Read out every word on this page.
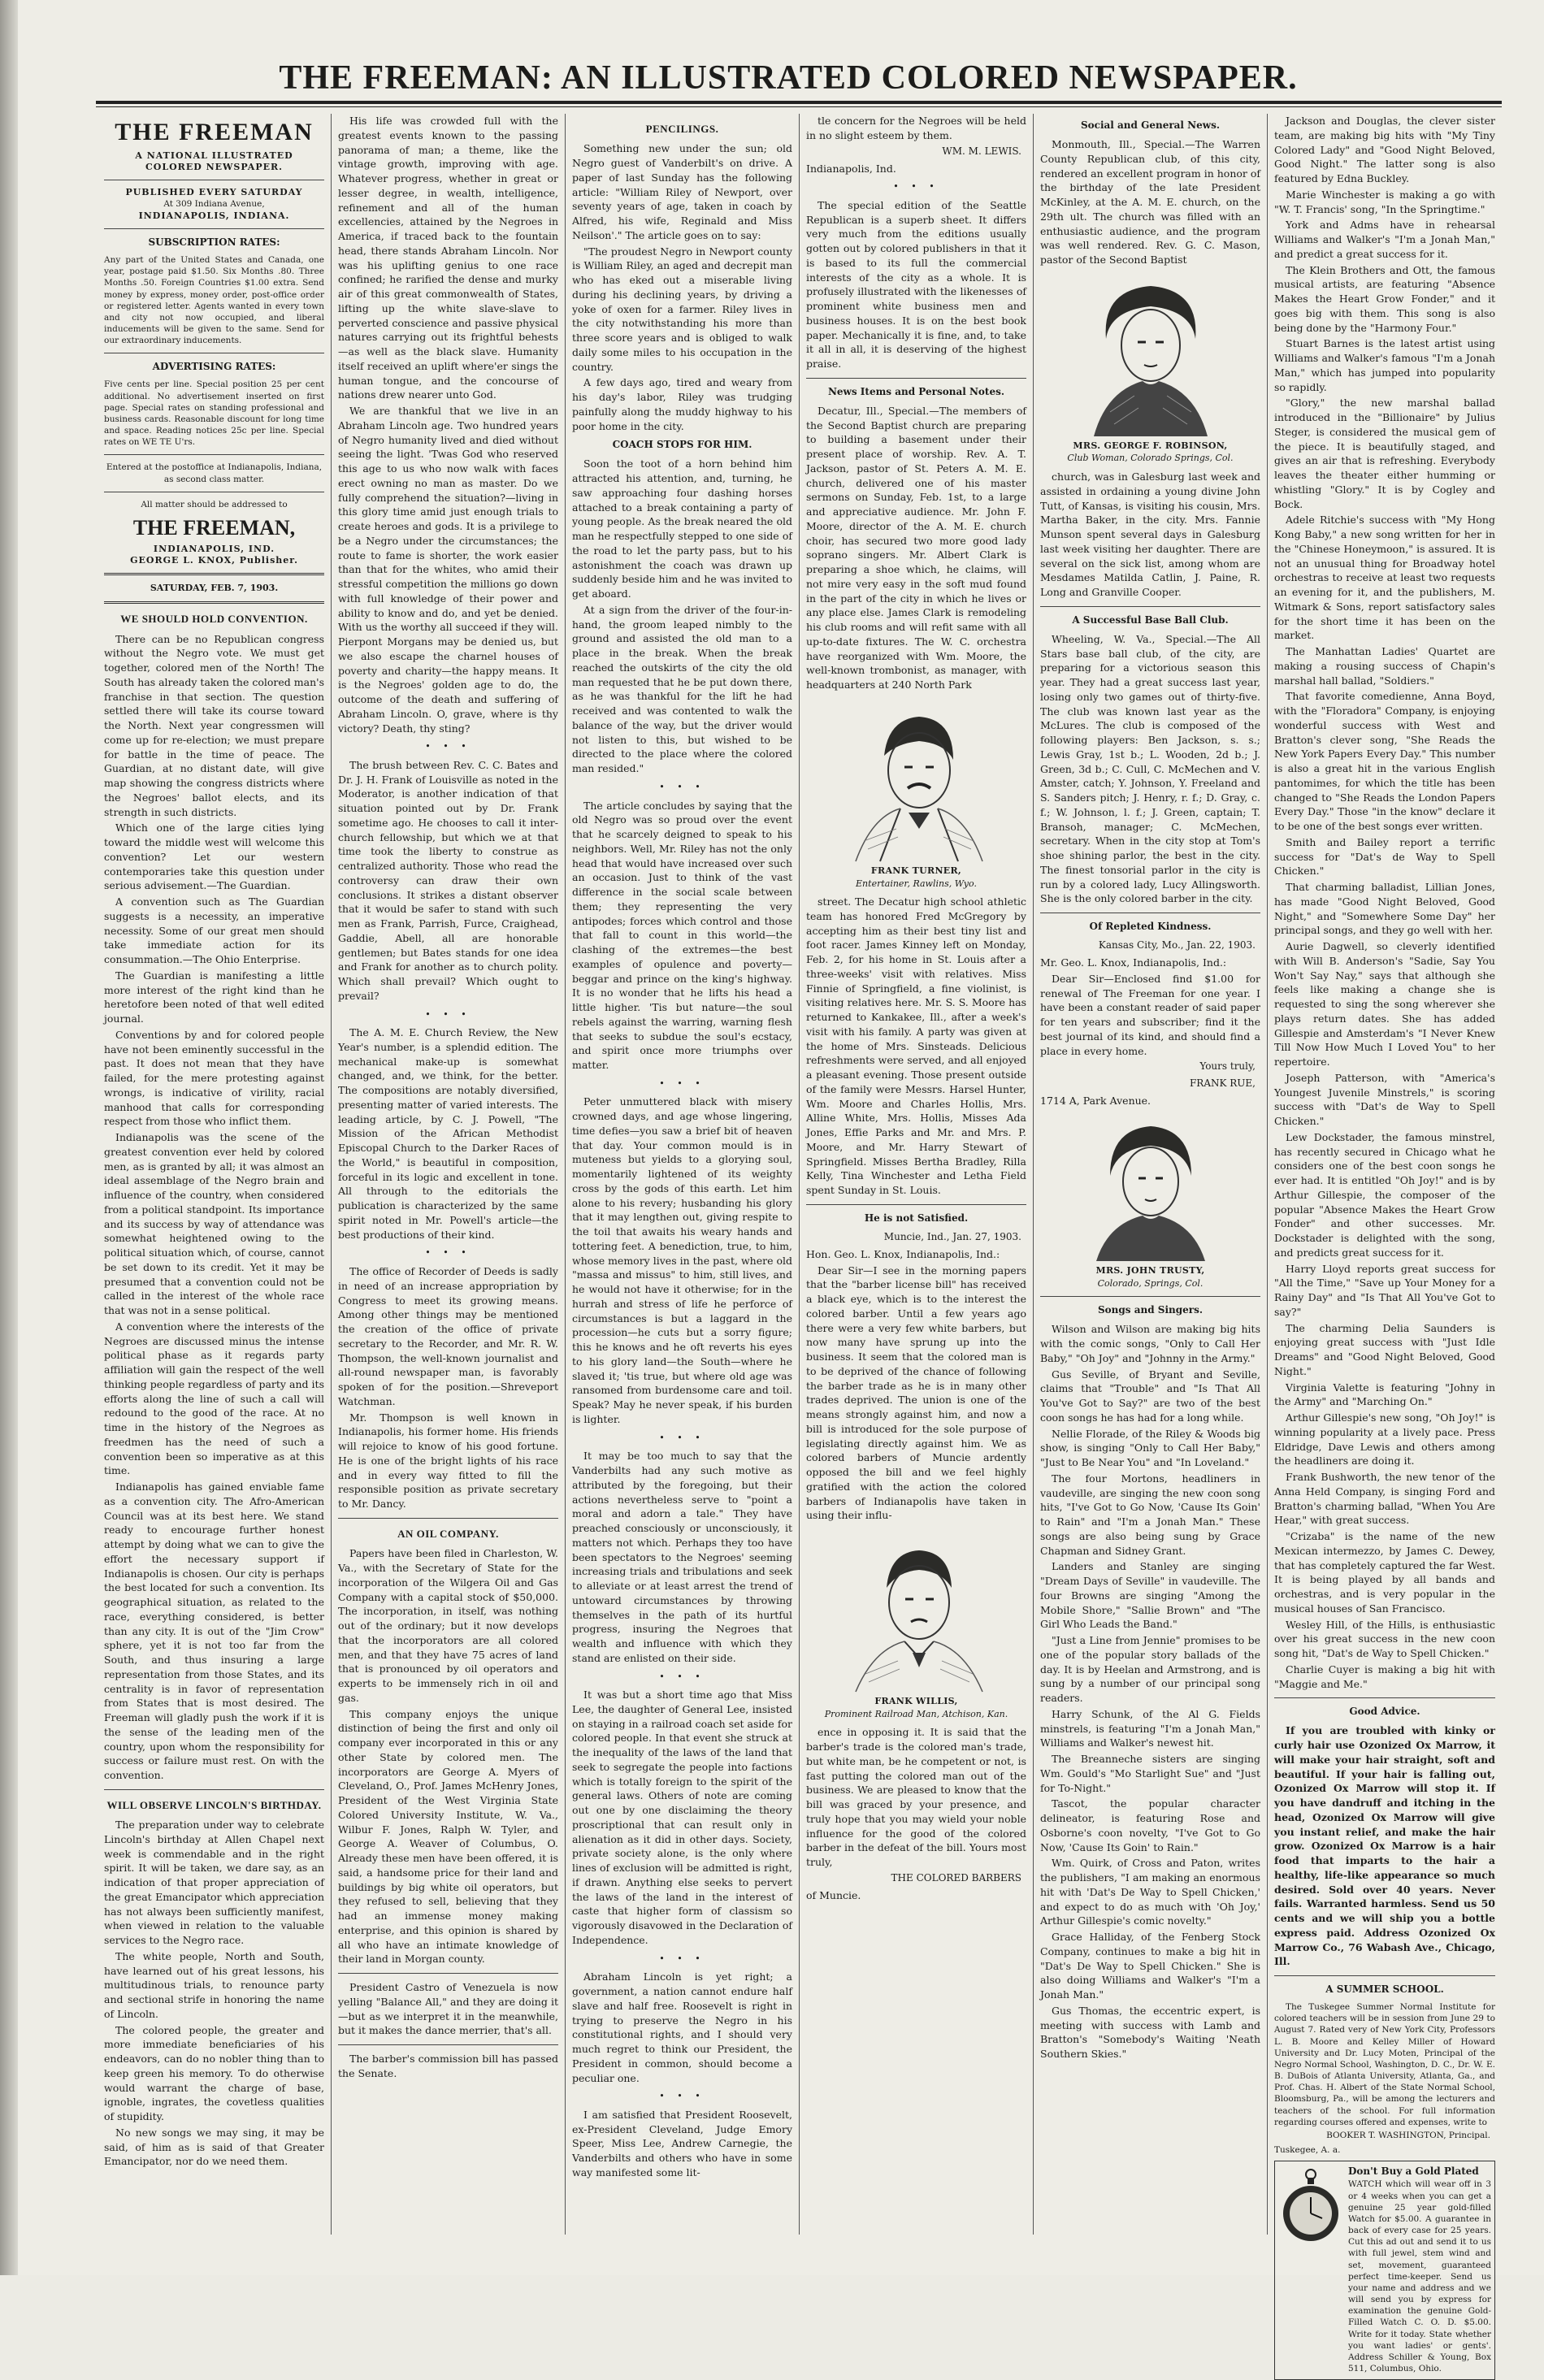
THE FREEMAN: AN ILLUSTRATED COLORED NEWSPAPER.
THE FREEMAN
A NATIONAL ILLUSTRATED
COLORED NEWSPAPER.
PUBLISHED EVERY SATURDAY
At 309 Indiana Avenue,
INDIANAPOLIS, INDIANA.
SUBSCRIPTION RATES:

Any part of the United States and Canada, one year, postage paid $1.50. Six Months .80. Three Months .50. Foreign Countries $1.00 extra. Send money by express, money order, post-office order or registered letter. Agents wanted in every town and city not now occupied, and liberal inducements will be given to the same. Send for our extraordinary inducements.

ADVERTISING RATES:

Five cents per line. Special position 25 per cent additional. No advertisement inserted on first page. Special rates on standing professional and business cards. Reasonable discount for long time and space. Reading notices 25c per line. Special rates on WE TE U'rs.

Entered at the postoffice at Indianapolis, Indiana, as second class matter.

All matter should be addressed to
THE FREEMAN,
INDIANAPOLIS, IND.
GEORGE L. KNOX, Publisher.
SATURDAY, FEB. 7, 1903.
WE SHOULD HOLD CONVENTION.

There can be no Republican congress without the Negro vote. We must get together, colored men of the North! The South has already taken the colored man's franchise in that section. The question settled there will take its course toward the North. Next year congressmen will come up for re-election; we must prepare for battle in the time of peace. The Guardian, at no distant date, will give map showing the congress districts where the Negroes' ballot elects, and its strength in such districts.

Which one of the large cities lying toward the middle west will welcome this convention? Let our western contemporaries take this question under serious advisement.—The Guardian.

A convention such as The Guardian suggests is a necessity, an imperative necessity. Some of our great men should take immediate action for its consummation.—The Ohio Enterprise.

The Guardian is manifesting a little more interest of the right kind than he heretofore been noted of that well edited journal.

Conventions by and for colored people have not been eminently successful in the past. It does not mean that they have failed, for the mere protesting against wrongs, is indicative of virility, racial manhood that calls for corresponding respect from those who inflict them.

Indianapolis was the scene of the greatest convention ever held by colored men, as is granted by all; it was almost an ideal assemblage of the Negro brain and influence of the country, when considered from a political standpoint. Its importance and its success by way of attendance was somewhat heightened owing to the political situation which, of course, cannot be set down to its credit. Yet it may be presumed that a convention could not be called in the interest of the whole race that was not in a sense political.

A convention where the interests of the Negroes are discussed minus the intense political phase as it regards party affiliation will gain the respect of the well thinking people regardless of party and its efforts along the line of such a call will redound to the good of the race. At no time in the history of the Negroes as freedmen has the need of such a convention been so imperative as at this time.

Indianapolis has gained enviable fame as a convention city. The Afro-American Council was at its best here. We stand ready to encourage further honest attempt by doing what we can to give the effort the necessary support if Indianapolis is chosen. Our city is perhaps the best located for such a convention. Its geographical situation, as related to the race, everything considered, is better than any city. It is out of the "Jim Crow" sphere, yet it is not too far from the South, and thus insuring a large representation from those States, and its centrality is in favor of representation from States that is most desired. The Freeman will gladly push the work if it is the sense of the leading men of the country, upon whom the responsibility for success or failure must rest. On with the convention.

WILL OBSERVE LINCOLN'S BIRTHDAY.

The preparation under way to celebrate Lincoln's birthday at Allen Chapel next week is commendable and in the right spirit. It will be taken, we dare say, as an indication of that proper appreciation of the great Emancipator which appreciation has not always been sufficiently manifest, when viewed in relation to the valuable services to the Negro race.

The white people, North and South, have learned out of his great lessons, his multitudinous trials, to renounce party and sectional strife in honoring the name of Lincoln.

The colored people, the greater and more immediate beneficiaries of his endeavors, can do no nobler thing than to keep green his memory. To do otherwise would warrant the charge of base, ignoble, ingrates, the covetless qualities of stupidity.

No new songs we may sing, it may be said, of him as is said of that Greater Emancipator, nor do we need them.

His life was crowded full with the greatest events known to the passing panorama of man; a theme, like the vintage growth, improving with age. Whatever progress, whether in great or lesser degree, in wealth, intelligence, refinement and all of the human excellencies, attained by the Negroes in America, if traced back to the fountain head, there stands Abraham Lincoln. Nor was his uplifting genius to one race confined; he rarified the dense and murky air of this great commonwealth of States, lifting up the white slave-slave to perverted conscience and passive physical natures carrying out its frightful behests—as well as the black slave. Humanity itself received an uplift where'er sings the human tongue, and the concourse of nations drew nearer unto God.

We are thankful that we live in an Abraham Lincoln age. Two hundred years of Negro humanity lived and died without seeing the light. 'Twas God who reserved this age to us who now walk with faces erect owning no man as master. Do we fully comprehend the situation?—living in this glory time amid just enough trials to create heroes and gods. It is a privilege to be a Negro under the circumstances; the route to fame is shorter, the work easier than that for the whites, who amid their stressful competition the millions go down with full knowledge of their power and ability to know and do, and yet be denied. With us the worthy all succeed if they will. Pierpont Morgans may be denied us, but we also escape the charnel houses of poverty and charity—the happy means. It is the Negroes' golden age to do, the outcome of the death and suffering of Abraham Lincoln. O, grave, where is thy victory? Death, thy sting?

• • •

The brush between Rev. C. C. Bates and Dr. J. H. Frank of Louisville as noted in the Moderator, is another indication of that situation pointed out by Dr. Frank sometime ago. He chooses to call it inter-church fellowship, but which we at that time took the liberty to construe as centralized authority. Those who read the controversy can draw their own conclusions. It strikes a distant observer that it would be safer to stand with such men as Frank, Parrish, Furce, Craighead, Gaddie, Abell, all are honorable gentlemen; but Bates stands for one idea and Frank for another as to church polity. Which shall prevail? Which ought to prevail?

• • •

The A. M. E. Church Review, the New Year's number, is a splendid edition. The mechanical make-up is somewhat changed, and, we think, for the better. The compositions are notably diversified, presenting matter of varied interests. The leading article, by C. J. Powell, "The Mission of the African Methodist Episcopal Church to the Darker Races of the World," is beautiful in composition, forceful in its logic and excellent in tone. All through to the editorials the publication is characterized by the same spirit noted in Mr. Powell's article—the best productions of their kind.

• • •

The office of Recorder of Deeds is sadly in need of an increase appropriation by Congress to meet its growing means. Among other things may be mentioned the creation of the office of private secretary to the Recorder, and Mr. R. W. Thompson, the well-known journalist and all-round newspaper man, is favorably spoken of for the position.—Shreveport Watchman.

Mr. Thompson is well known in Indianapolis, his former home. His friends will rejoice to know of his good fortune. He is one of the bright lights of his race and in every way fitted to fill the responsible position as private secretary to Mr. Dancy.

AN OIL COMPANY.

Papers have been filed in Charleston, W. Va., with the Secretary of State for the incorporation of the Wilgera Oil and Gas Company with a capital stock of $50,000. The incorporation, in itself, was nothing out of the ordinary; but it now develops that the incorporators are all colored men, and that they have 75 acres of land that is pronounced by oil operators and experts to be immensely rich in oil and gas.

This company enjoys the unique distinction of being the first and only oil company ever incorporated in this or any other State by colored men. The incorporators are George A. Myers of Cleveland, O., Prof. James McHenry Jones, President of the West Virginia State Colored University Institute, W. Va., Wilbur F. Jones, Ralph W. Tyler, and George A. Weaver of Columbus, O. Already these men have been offered, it is said, a handsome price for their land and buildings by big white oil operators, but they refused to sell, believing that they had an immense money making enterprise, and this opinion is shared by all who have an intimate knowledge of their land in Morgan county.

President Castro of Venezuela is now yelling "Balance All," and they are doing it—but as we interpret it in the meanwhile, but it makes the dance merrier, that's all.

The barber's commission bill has passed the Senate.

PENCILINGS.

Something new under the sun; old Negro guest of Vanderbilt's on drive. A paper of last Sunday has the following article: "William Riley of Newport, over seventy years of age, taken in coach by Alfred, his wife, Reginald and Miss Neilson'." The article goes on to say:

"The proudest Negro in Newport county is William Riley, an aged and decrepit man who has eked out a miserable living during his declining years, by driving a yoke of oxen for a farmer. Riley lives in the city notwithstanding his more than three score years and is obliged to walk daily some miles to his occupation in the country.

A few days ago, tired and weary from his day's labor, Riley was trudging painfully along the muddy highway to his poor home in the city.

COACH STOPS FOR HIM.

Soon the toot of a horn behind him attracted his attention, and, turning, he saw approaching four dashing horses attached to a break containing a party of young people. As the break neared the old man he respectfully stepped to one side of the road to let the party pass, but to his astonishment the coach was drawn up suddenly beside him and he was invited to get aboard.

At a sign from the driver of the four-in-hand, the groom leaped nimbly to the ground and assisted the old man to a place in the break. When the break reached the outskirts of the city the old man requested that he be put down there, as he was thankful for the lift he had received and was contented to walk the balance of the way, but the driver would not listen to this, but wished to be directed to the place where the colored man resided."

• • •

The article concludes by saying that the old Negro was so proud over the event that he scarcely deigned to speak to his neighbors. Well, Mr. Riley has not the only head that would have increased over such an occasion. Just to think of the vast difference in the social scale between them; they representing the very antipodes; forces which control and those that fall to count in this world—the clashing of the extremes—the best examples of opulence and poverty—beggar and prince on the king's highway. It is no wonder that he lifts his head a little higher. 'Tis but nature—the soul rebels against the warring, warning flesh that seeks to subdue the soul's ecstacy, and spirit once more triumphs over matter.

• • •

Peter unmuttered black with misery crowned days, and age whose lingering, time defies—you saw a brief bit of heaven that day. Your common mould is in muteness but yields to a glorying soul, momentarily lightened of its weighty cross by the gods of this earth. Let him alone to his revery; husbanding his glory that it may lengthen out, giving respite to the toil that awaits his weary hands and tottering feet. A benediction, true, to him, whose memory lives in the past, where old "massa and missus" to him, still lives, and he would not have it otherwise; for in the hurrah and stress of life he perforce of circumstances is but a laggard in the procession—he cuts but a sorry figure; this he knows and he oft reverts his eyes to his glory land—the South—where he slaved it; 'tis true, but where old age was ransomed from burdensome care and toil. Speak? May he never speak, if his burden is lighter.

• • •

It may be too much to say that the Vanderbilts had any such motive as attributed by the foregoing, but their actions nevertheless serve to "point a moral and adorn a tale." They have preached consciously or unconsciously, it matters not which. Perhaps they too have been spectators to the Negroes' seeming increasing trials and tribulations and seek to alleviate or at least arrest the trend of untoward circumstances by throwing themselves in the path of its hurtful progress, insuring the Negroes that wealth and influence with which they stand are enlisted on their side.

• • •

It was but a short time ago that Miss Lee, the daughter of General Lee, insisted on staying in a railroad coach set aside for colored people. In that event she struck at the inequality of the laws of the land that seek to segregate the people into factions which is totally foreign to the spirit of the general laws. Others of note are coming out one by one disclaiming the theory proscriptional that can result only in alienation as it did in other days. Society, private society alone, is the only where lines of exclusion will be admitted is right, if drawn. Anything else seeks to pervert the laws of the land in the interest of caste that higher form of classism so vigorously disavowed in the Declaration of Independence.

• • •

Abraham Lincoln is yet right; a government, a nation cannot endure half slave and half free. Roosevelt is right in trying to preserve the Negro in his constitutional rights, and I should very much regret to think our President, the President in common, should become a peculiar one.

• • •

I am satisfied that President Roosevelt, ex-President Cleveland, Judge Emory Speer, Miss Lee, Andrew Carnegie, the Vanderbilts and others who have in some way manifested some lit-

tle concern for the Negroes will be held in no slight esteem by them.

WM. M. LEWIS.

Indianapolis, Ind.

• • •

The special edition of the Seattle Republican is a superb sheet. It differs very much from the editions usually gotten out by colored publishers in that it is based to its full the commercial interests of the city as a whole. It is profusely illustrated with the likenesses of prominent white business men and business houses. It is on the best book paper. Mechanically it is fine, and, to take it all in all, it is deserving of the highest praise.

News Items and Personal Notes.

Decatur, Ill., Special.—The members of the Second Baptist church are preparing to building a basement under their present place of worship. Rev. A. T. Jackson, pastor of St. Peters A. M. E. church, delivered one of his master sermons on Sunday, Feb. 1st, to a large and appreciative audience. Mr. John F. Moore, director of the A. M. E. church choir, has secured two more good lady soprano singers. Mr. Albert Clark is preparing a shoe which, he claims, will not mire very easy in the soft mud found in the part of the city in which he lives or any place else. James Clark is remodeling his club rooms and will refit same with all up-to-date fixtures. The W. C. orchestra have reorganized with Wm. Moore, the well-known trombonist, as manager, with headquarters at 240 North Park

FRANK TURNER,
Entertainer, Rawlins, Wyo.

street. The Decatur high school athletic team has honored Fred McGregory by accepting him as their best tiny list and foot racer. James Kinney left on Monday, Feb. 2, for his home in St. Louis after a three-weeks' visit with relatives. Miss Finnie of Springfield, a fine violinist, is visiting relatives here. Mr. S. S. Moore has returned to Kankakee, Ill., after a week's visit with his family. A party was given at the home of Mrs. Sinsteads. Delicious refreshments were served, and all enjoyed a pleasant evening. Those present outside of the family were Messrs. Harsel Hunter, Wm. Moore and Charles Hollis, Mrs. Alline White, Mrs. Hollis, Misses Ada Jones, Effie Parks and Mr. and Mrs. P. Moore, and Mr. Harry Stewart of Springfield. Misses Bertha Bradley, Rilla Kelly, Tina Winchester and Letha Field spent Sunday in St. Louis.

He is not Satisfied.
Muncie, Ind., Jan. 27, 1903.

Hon. Geo. L. Knox, Indianapolis, Ind.:

Dear Sir—I see in the morning papers that the "barber license bill" has received a black eye, which is to the interest the colored barber. Until a few years ago there were a very few white barbers, but now many have sprung up into the business. It seem that the colored man is to be deprived of the chance of following the barber trade as he is in many other trades deprived. The union is one of the means strongly against him, and now a bill is introduced for the sole purpose of legislating directly against him. We as colored barbers of Muncie ardently opposed the bill and we feel highly gratified with the action the colored barbers of Indianapolis have taken in using their influ-

FRANK WILLIS,
Prominent Railroad Man, Atchison, Kan.

ence in opposing it. It is said that the barber's trade is the colored man's trade, but white man, be he competent or not, is fast putting the colored man out of the business. We are pleased to know that the bill was graced by your presence, and truly hope that you may wield your noble influence for the good of the colored barber in the defeat of the bill. Yours most truly,

THE COLORED BARBERS

of Muncie.

Social and General News.

Monmouth, Ill., Special.—The Warren County Republican club, of this city, rendered an excellent program in honor of the birthday of the late President McKinley, at the A. M. E. church, on the 29th ult. The church was filled with an enthusiastic audience, and the program was well rendered. Rev. G. C. Mason, pastor of the Second Baptist

MRS. GEORGE F. ROBINSON,
Club Woman, Colorado Springs, Col.

church, was in Galesburg last week and assisted in ordaining a young divine John Tutt, of Kansas, is visiting his cousin, Mrs. Martha Baker, in the city. Mrs. Fannie Munson spent several days in Galesburg last week visiting her daughter. There are several on the sick list, among whom are Mesdames Matilda Catlin, J. Paine, R. Long and Granville Cooper.

A Successful Base Ball Club.

Wheeling, W. Va., Special.—The All Stars base ball club, of the city, are preparing for a victorious season this year. They had a great success last year, losing only two games out of thirty-five. The club was known last year as the McLures. The club is composed of the following players: Ben Jackson, s. s.; Lewis Gray, 1st b.; L. Wooden, 2d b.; J. Green, 3d b.; C. Cull, C. McMechen and V. Amster, catch; Y. Johnson, Y. Freeland and S. Sanders pitch; J. Henry, r. f.; D. Gray, c. f.; W. Johnson, l. f.; J. Green, captain; T. Bransoh, manager; C. McMechen, secretary. When in the city stop at Tom's shoe shining parlor, the best in the city. The finest tonsorial parlor in the city is run by a colored lady, Lucy Allingsworth. She is the only colored barber in the city.

Of Repleted Kindness.
Kansas City, Mo., Jan. 22, 1903.

Mr. Geo. L. Knox, Indianapolis, Ind.:

Dear Sir—Enclosed find $1.00 for renewal of The Freeman for one year. I have been a constant reader of said paper for ten years and subscriber; find it the best journal of its kind, and should find a place in every home.

Yours truly,
FRANK RUE,

1714 A, Park Avenue.

MRS. JOHN TRUSTY,
Colorado, Springs, Col.
Songs and Singers.

Wilson and Wilson are making big hits with the comic songs, "Only to Call Her Baby," "Oh Joy" and "Johnny in the Army."

Gus Seville, of Bryant and Seville, claims that "Trouble" and "Is That All You've Got to Say?" are two of the best coon songs he has had for a long while.

Nellie Florade, of the Riley & Woods big show, is singing "Only to Call Her Baby," "Just to Be Near You" and "In Loveland."

The four Mortons, headliners in vaudeville, are singing the new coon song hits, "I've Got to Go Now, 'Cause Its Goin' to Rain" and "I'm a Jonah Man." These songs are also being sung by Grace Chapman and Sidney Grant.

Landers and Stanley are singing "Dream Days of Seville" in vaudeville. The four Browns are singing "Among the Mobile Shore," "Sallie Brown" and "The Girl Who Leads the Band."

"Just a Line from Jennie" promises to be one of the popular story ballads of the day. It is by Heelan and Armstrong, and is sung by a number of our principal song readers.

Harry Schunk, of the Al G. Fields minstrels, is featuring "I'm a Jonah Man," Williams and Walker's newest hit.

The Breanneche sisters are singing Wm. Gould's "Mo Starlight Sue" and "Just for To-Night."

Tascot, the popular character delineator, is featuring Rose and Osborne's coon novelty, "I've Got to Go Now, 'Cause Its Goin' to Rain."

Wm. Quirk, of Cross and Paton, writes the publishers, "I am making an enormous hit with 'Dat's De Way to Spell Chicken,' and expect to do as much with 'Oh Joy,' Arthur Gillespie's comic novelty."

Grace Halliday, of the Fenberg Stock Company, continues to make a big hit in "Dat's De Way to Spell Chicken." She is also doing Williams and Walker's "I'm a Jonah Man."

Gus Thomas, the eccentric expert, is meeting with success with Lamb and Bratton's "Somebody's Waiting 'Neath Southern Skies."

Jackson and Douglas, the clever sister team, are making big hits with "My Tiny Colored Lady" and "Good Night Beloved, Good Night." The latter song is also featured by Edna Buckley.

Marie Winchester is making a go with "W. T. Francis' song, "In the Springtime."

York and Adms have in rehearsal Williams and Walker's "I'm a Jonah Man," and predict a great success for it.

The Klein Brothers and Ott, the famous musical artists, are featuring "Absence Makes the Heart Grow Fonder," and it goes big with them. This song is also being done by the "Harmony Four."

Stuart Barnes is the latest artist using Williams and Walker's famous "I'm a Jonah Man," which has jumped into popularity so rapidly.

"Glory," the new marshal ballad introduced in the "Billionaire" by Julius Steger, is considered the musical gem of the piece. It is beautifully staged, and gives an air that is refreshing. Everybody leaves the theater either humming or whistling "Glory." It is by Cogley and Bock.

Adele Ritchie's success with "My Hong Kong Baby," a new song written for her in the "Chinese Honeymoon," is assured. It is not an unusual thing for Broadway hotel orchestras to receive at least two requests an evening for it, and the publishers, M. Witmark & Sons, report satisfactory sales for the short time it has been on the market.

The Manhattan Ladies' Quartet are making a rousing success of Chapin's marshal hall ballad, "Soldiers."

That favorite comedienne, Anna Boyd, with the "Floradora" Company, is enjoying wonderful success with West and Bratton's clever song, "She Reads the New York Papers Every Day." This number is also a great hit in the various English pantomimes, for which the title has been changed to "She Reads the London Papers Every Day." Those "in the know" declare it to be one of the best songs ever written.

Smith and Bailey report a terrific success for "Dat's de Way to Spell Chicken."

That charming balladist, Lillian Jones, has made "Good Night Beloved, Good Night," and "Somewhere Some Day" her principal songs, and they go well with her.

Aurie Dagwell, so cleverly identified with Will B. Anderson's "Sadie, Say You Won't Say Nay," says that although she feels like making a change she is requested to sing the song wherever she plays return dates. She has added Gillespie and Amsterdam's "I Never Knew Till Now How Much I Loved You" to her repertoire.

Joseph Patterson, with "America's Youngest Juvenile Minstrels," is scoring success with "Dat's de Way to Spell Chicken."

Lew Dockstader, the famous minstrel, has recently secured in Chicago what he considers one of the best coon songs he ever had. It is entitled "Oh Joy!" and is by Arthur Gillespie, the composer of the popular "Absence Makes the Heart Grow Fonder" and other successes. Mr. Dockstader is delighted with the song, and predicts great success for it.

Harry Lloyd reports great success for "All the Time," "Save up Your Money for a Rainy Day" and "Is That All You've Got to say?"

The charming Delia Saunders is enjoying great success with "Just Idle Dreams" and "Good Night Beloved, Good Night."

Virginia Valette is featuring "Johny in the Army" and "Marching On."

Arthur Gillespie's new song, "Oh Joy!" is winning popularity at a lively pace. Press Eldridge, Dave Lewis and others among the headliners are doing it.

Frank Bushworth, the new tenor of the Anna Held Company, is singing Ford and Bratton's charming ballad, "When You Are Hear," with great success.

"Crizaba" is the name of the new Mexican intermezzo, by James C. Dewey, that has completely captured the far West. It is being played by all bands and orchestras, and is very popular in the musical houses of San Francisco.

Wesley Hill, of the Hills, is enthusiastic over his great success in the new coon song hit, "Dat's de Way to Spell Chicken."

Charlie Cuyer is making a big hit with "Maggie and Me."

Good Advice.

If you are troubled with kinky or curly hair use Ozonized Ox Marrow, it will make your hair straight, soft and beautiful. If your hair is falling out, Ozonized Ox Marrow will stop it. If you have dandruff and itching in the head, Ozonized Ox Marrow will give you instant relief, and make the hair grow. Ozonized Ox Marrow is a hair food that imparts to the hair a healthy, life-like appearance so much desired. Sold over 40 years. Never fails. Warranted harmless. Send us 50 cents and we will ship you a bottle express paid. Address Ozonized Ox Marrow Co., 76 Wabash Ave., Chicago, Ill.

A SUMMER SCHOOL.

The Tuskegee Summer Normal Institute for colored teachers will be in session from June 29 to August 7. Rated very of New York City, Professors L. B. Moore and Kelley Miller of Howard University and Dr. Lucy Moten, Principal of the Negro Normal School, Washington, D. C., Dr. W. E. B. DuBois of Atlanta University, Atlanta, Ga., and Prof. Chas. H. Albert of the State Normal School, Bloomsburg, Pa., will be among the lecturers and teachers of the school. For full information regarding courses offered and expenses, write to

BOOKER T. WASHINGTON, Principal.

Tuskegee, A. a.

Don't Buy a Gold Plated

WATCH which will wear off in 3 or 4 weeks when you can get a genuine 25 year gold-filled Watch for $5.00. A guarantee in back of every case for 25 years. Cut this ad out and send it to us with full jewel, stem wind and set, movement, guaranteed perfect time-keeper. Send us your name and address and we will send you by express for examination the genuine Gold-Filled Watch C. O. D. $5.00. Write for it today. State whether you want ladies' or gents'. Address Schiller & Young, Box 511, Columbus, Ohio.
